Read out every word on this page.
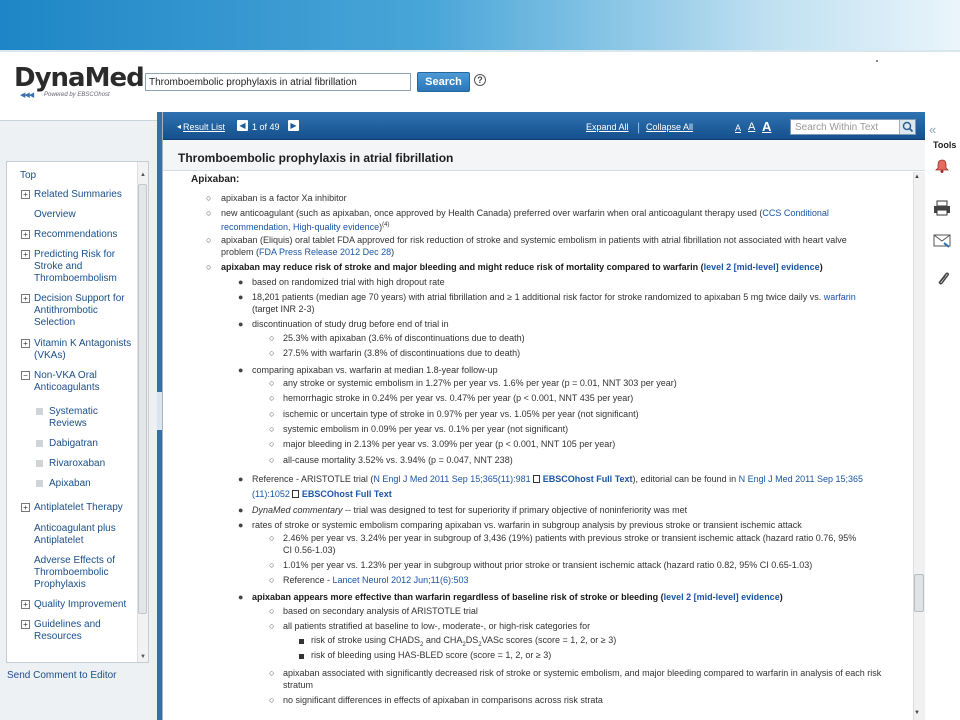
DynaMed
◀◀◀ Powered by EBSCOhost
Thromboembolic prophylaxis in atrial fibrillation
Search	?
Top
+ Related Summaries
Overview
+ Recommendations
+ Predicting Risk for Stroke and Thromboembolism
+ Decision Support for Antithrombotic Selection
+ Vitamin K Antagonists (VKAs)
− Non-VKA Oral Anticoagulants
Systematic Reviews
Dabigatran
Rivaroxaban
Apixaban
+ Antiplatelet Therapy
Anticoagulant plus Antiplatelet
Adverse Effects of Thromboembolic Prophylaxis
+ Quality Improvement
+ Guidelines and Resources
▲
▼
Send Comment to Editor
◂ Result List	◀ 1 of 49	▶	Expand All | Collapse All	A A A Search Within Text
Thromboembolic prophylaxis in atrial fibrillation
Apixaban:
○ apixaban is a factor Xa inhibitor
○ new anticoagulant (such as apixaban, once approved by Health Canada) preferred over warfarin when oral anticoagulant therapy used (CCS Conditional
recommendation, High-quality evidence)$^{(4)}$
○ apixaban (Eliquis) oral tablet FDA approved for risk reduction of stroke and systemic embolism in patients with atrial fibrillation not associated with heart valve
problem (FDA Press Release 2012 Dec 28)
○ apixaban may reduce risk of stroke and major bleeding and might reduce risk of mortality compared to warfarin (level 2 [mid-level] evidence)
● based on randomized trial with high dropout rate
● 18,201 patients (median age 70 years) with atrial fibrillation and ≥ 1 additional risk factor for stroke randomized to apixaban 5 mg twice daily vs. warfarin
(target INR 2-3)
● discontinuation of study drug before end of trial in
○ 25.3% with apixaban (3.6% of discontinuations due to death)
○ 27.5% with warfarin (3.8% of discontinuations due to death)
● comparing apixaban vs. warfarin at median 1.8-year follow-up
○ any stroke or systemic embolism in 1.27% per year vs. 1.6% per year (p = 0.01, NNT 303 per year)
○ hemorrhagic stroke in 0.24% per year vs. 0.47% per year (p < 0.001, NNT 435 per year)
○ ischemic or uncertain type of stroke in 0.97% per year vs. 1.05% per year (not significant)
○ systemic embolism in 0.09% per year vs. 0.1% per year (not significant)
○ major bleeding in 2.13% per year vs. 3.09% per year (p < 0.001, NNT 105 per year)
○ all-cause mortality 3.52% vs. 3.94% (p = 0.047, NNT 238)
● Reference - ARISTOTLE trial (N Engl J Med 2011 Sep 15;365(11):981 EBSCOhost Full Text), editorial can be found in N Engl J Med 2011 Sep 15;365
(11):1052 EBSCOhost Full Text
● DynaMed commentary -- trial was designed to test for superiority if primary objective of noninferiority was met
● rates of stroke or systemic embolism comparing apixaban vs. warfarin in subgroup analysis by previous stroke or transient ischemic attack
○ 2.46% per year vs. 3.24% per year in subgroup of 3,436 (19%) patients with previous stroke or transient ischemic attack (hazard ratio 0.76, 95%
CI 0.56-1.03)
○ 1.01% per year vs. 1.23% per year in subgroup without prior stroke or transient ischemic attack (hazard ratio 0.82, 95% CI 0.65-1.03)
○ Reference - Lancet Neurol 2012 Jun;11(6):503
● apixaban appears more effective than warfarin regardless of baseline risk of stroke or bleeding (level 2 [mid-level] evidence)
○ based on secondary analysis of ARISTOTLE trial
○ all patients stratified at baseline to low-, moderate-, or high-risk categories for
risk of stroke using $CHADS_2$ and $CHA_2DS_2VASc$ scores (score = 1, 2, or ≥ 3)
risk of bleeding using HAS-BLED score (score = 1, 2, or ≥ 3)
○ apixaban associated with significantly decreased risk of stroke or systemic embolism, and major bleeding compared to warfarin in analysis of each risk
stratum
○ no significant differences in effects of apixaban in comparisons across risk strata
▲
▼
«
Tools
